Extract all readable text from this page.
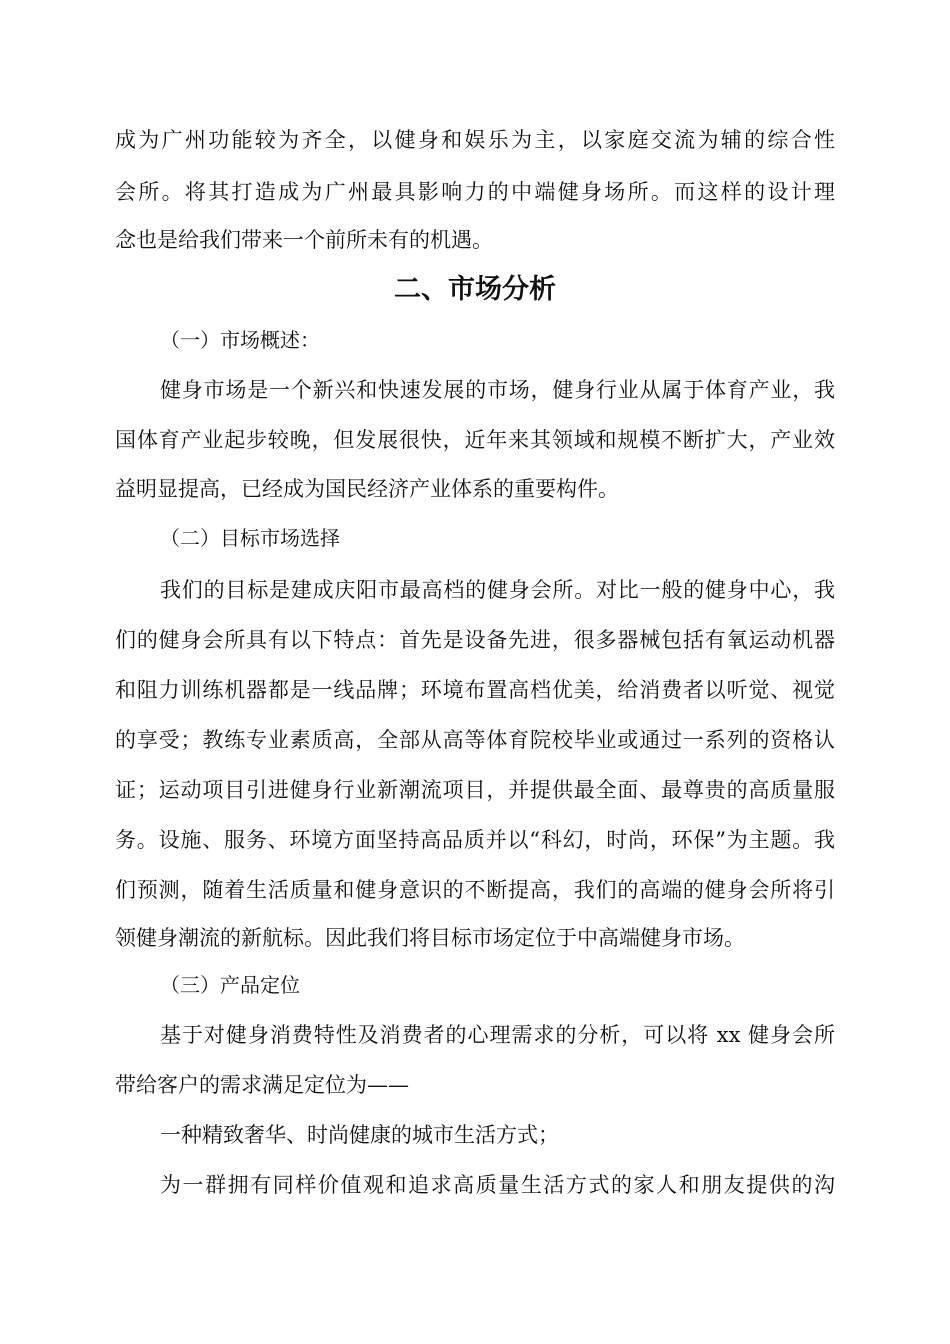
成为广州功能较为齐全，以健身和娱乐为主，以家庭交流为辅的综合性
会所。将其打造成为广州最具影响力的中端健身场所。而这样的设计理
念也是给我们带来一个前所未有的机遇。
二、市场分析
（一）市场概述：
健身市场是一个新兴和快速发展的市场，健身行业从属于体育产业，我
国体育产业起步较晚，但发展很快，近年来其领域和规模不断扩大，产业效
益明显提高，已经成为国民经济产业体系的重要构件。
（二）目标市场选择
我们的目标是建成庆阳市最高档的健身会所。对比一般的健身中心，我
们的健身会所具有以下特点：首先是设备先进，很多器械包括有氧运动机器
和阻力训练机器都是一线品牌；环境布置高档优美，给消费者以听觉、视觉
的享受；教练专业素质高，全部从高等体育院校毕业或通过一系列的资格认
证；运动项目引进健身行业新潮流项目，并提供最全面、最尊贵的高质量服
务。设施、服务、环境方面坚持高品质并以“科幻，时尚，环保”为主题。我
们预测，随着生活质量和健身意识的不断提高，我们的高端的健身会所将引
领健身潮流的新航标。因此我们将目标市场定位于中高端健身市场。
（三）产品定位
基于对健身消费特性及消费者的心理需求的分析，可以将 xx 健身会所
带给客户的需求满足定位为——
一种精致奢华、时尚健康的城市生活方式；
为一群拥有同样价值观和追求高质量生活方式的家人和朋友提供的沟
